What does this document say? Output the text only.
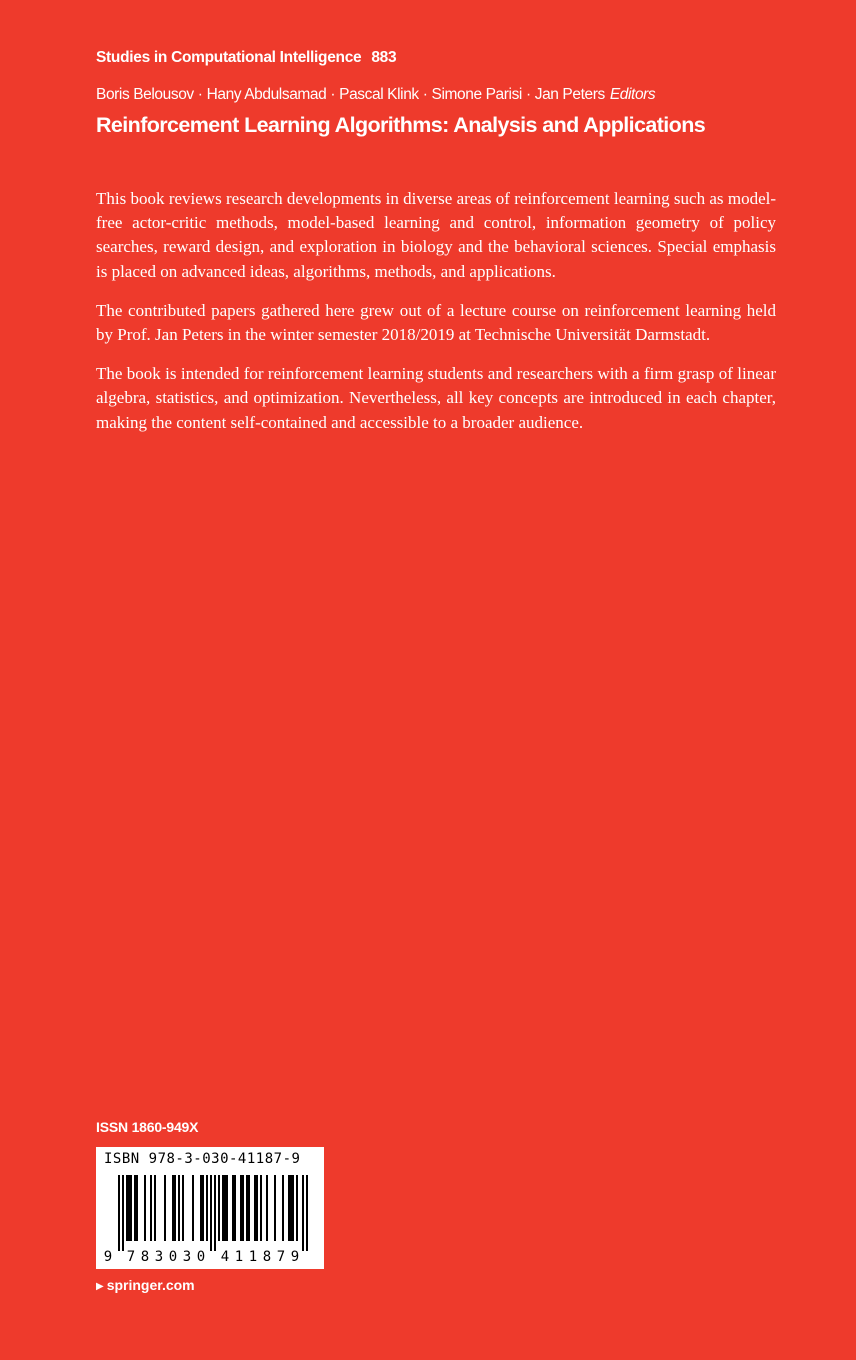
Studies in Computational Intelligence 883
Boris Belousov · Hany Abdulsamad · Pascal Klink · Simone Parisi · Jan Peters Editors
Reinforcement Learning Algorithms: Analysis and Applications

This book reviews research developments in diverse areas of reinforcement learning such as model-free actor-critic methods, model-based learning and control, information geometry of policy searches, reward design, and exploration in biology and the behavioral sciences. Special emphasis is placed on advanced ideas, algorithms, methods, and applications.

The contributed papers gathered here grew out of a lecture course on reinforcement learning held by Prof. Jan Peters in the winter semester 2018/2019 at Technische Universität Darmstadt.

The book is intended for reinforcement learning students and researchers with a firm grasp of linear algebra, statistics, and optimization. Nevertheless, all key concepts are introduced in each chapter, making the content self-contained and accessible to a broader audience.

ISSN 1860-949X
ISBN 978-3-030-41187-9
9 7 8 3 0 3 0 4 1 1 8 7 9
▶ springer.com
